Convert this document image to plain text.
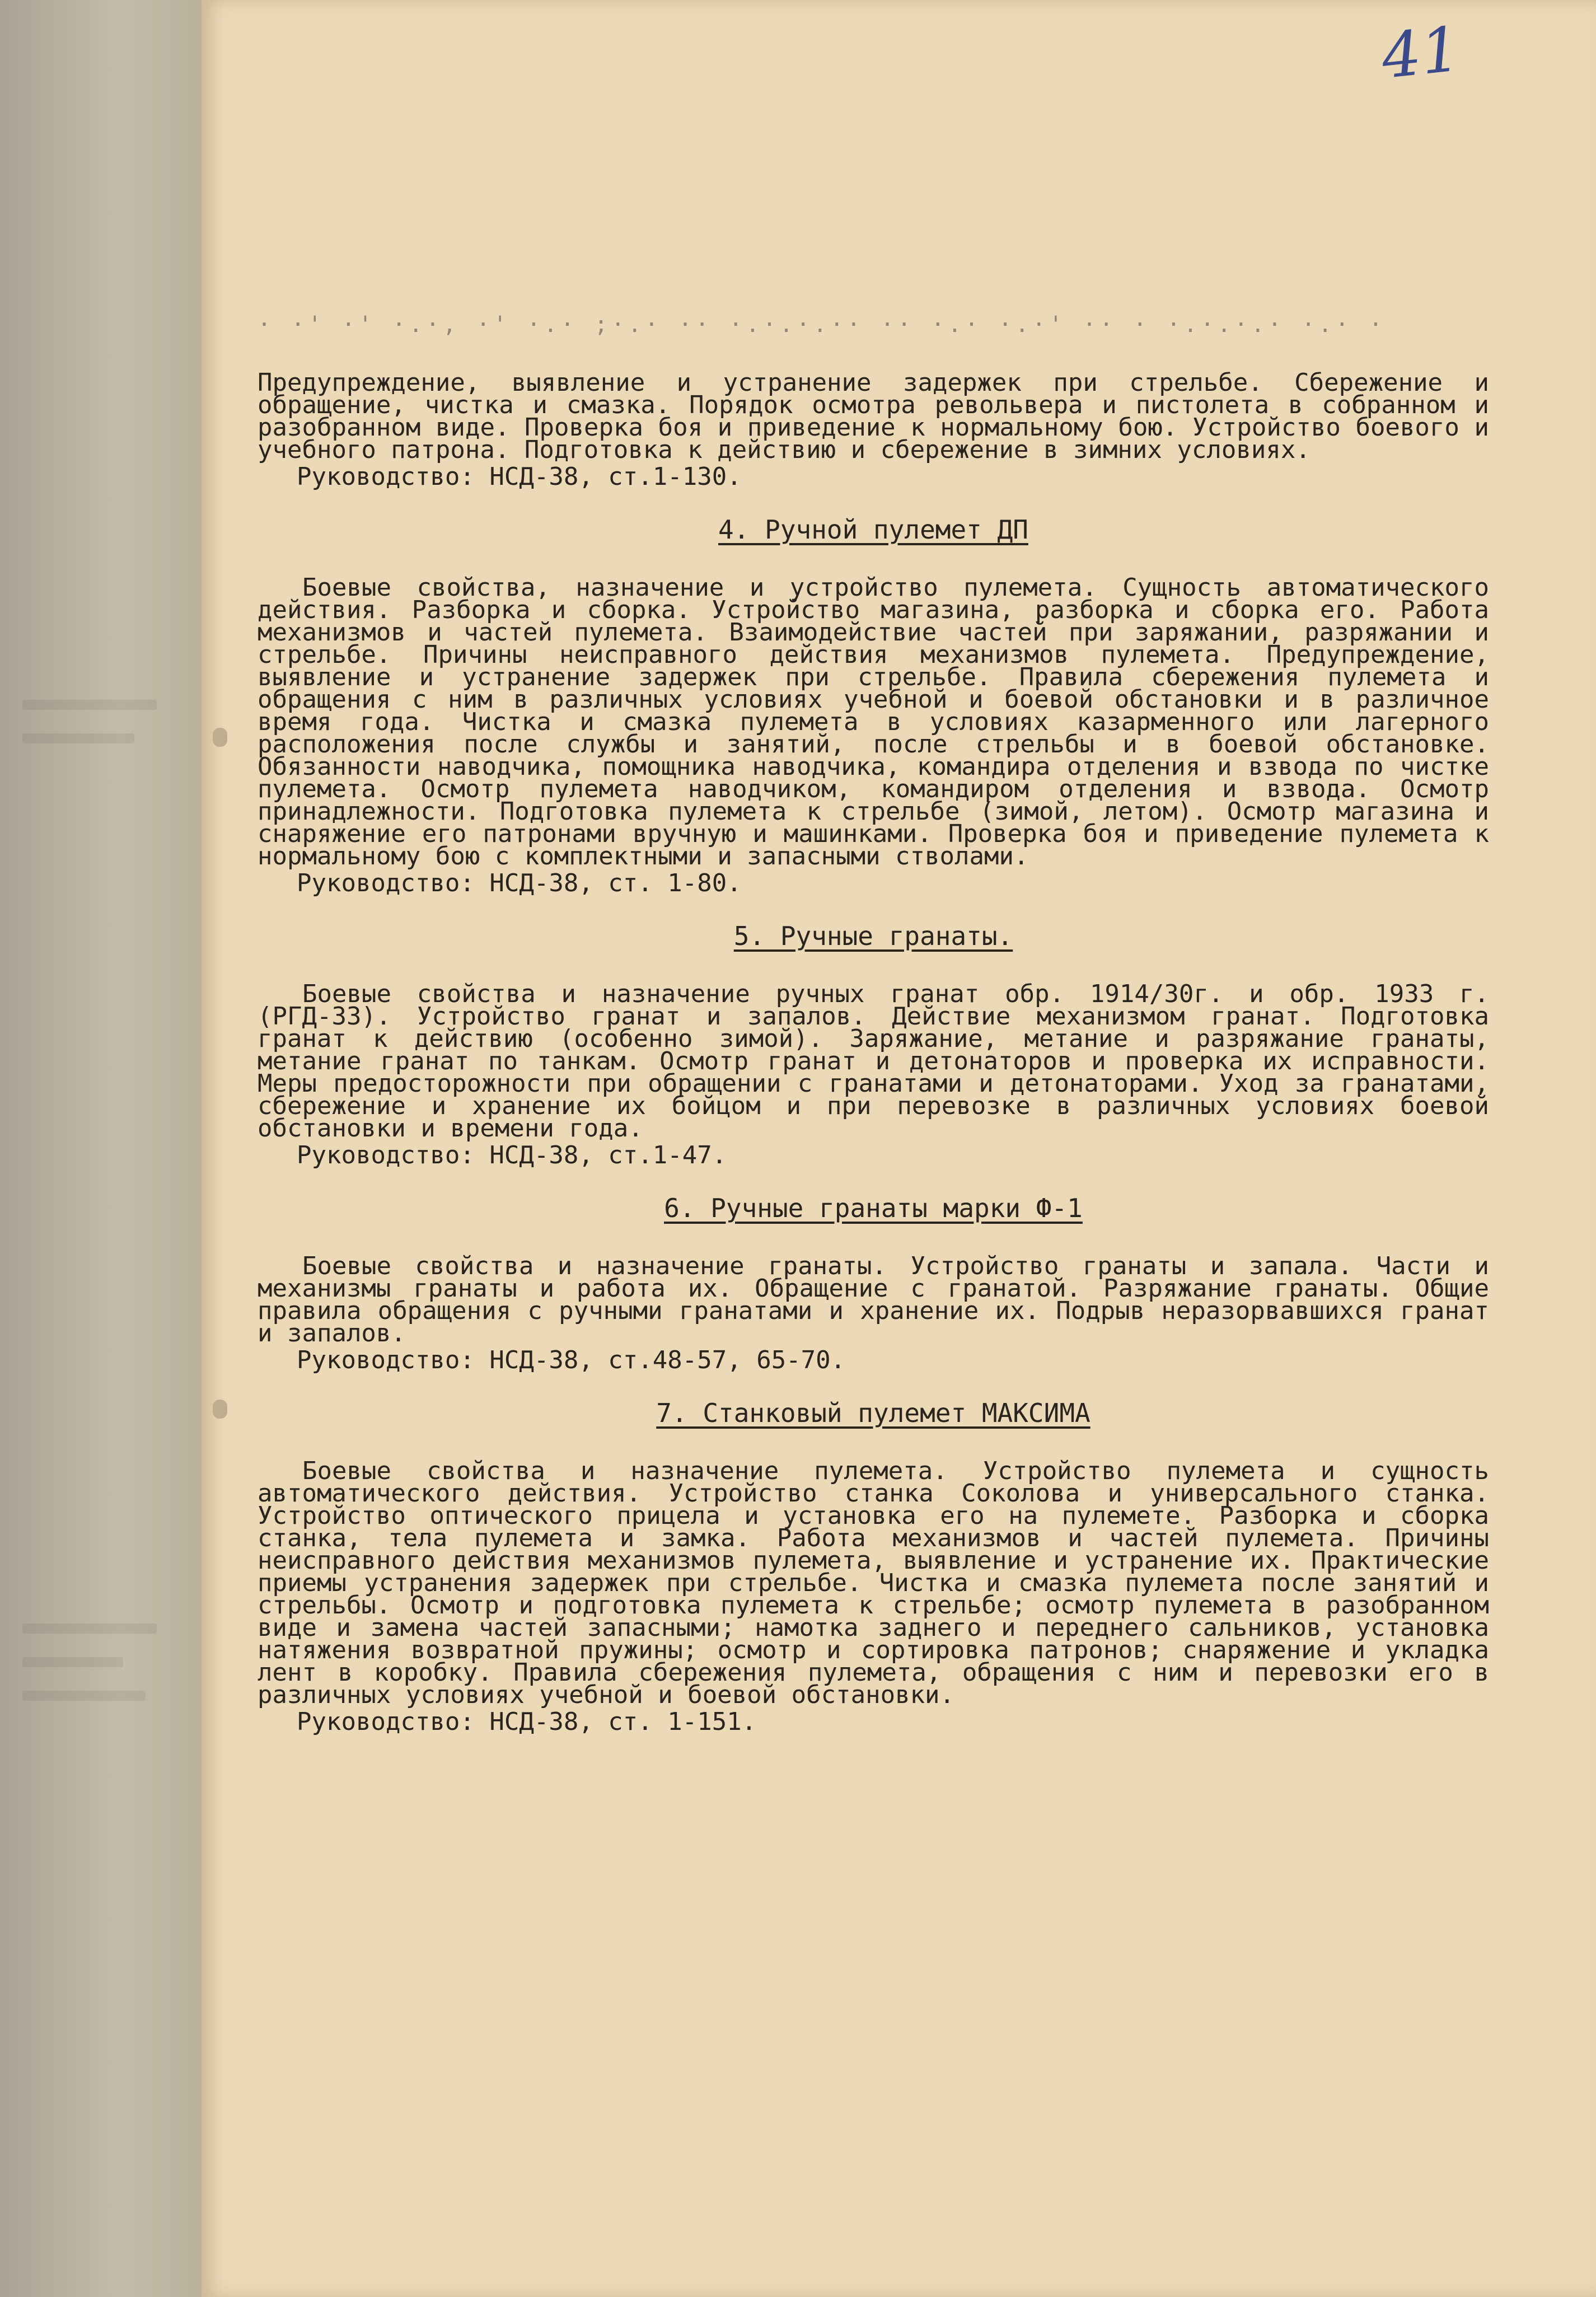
41
· ·' ·' ·.·, ·' ·.· ;·.· ·· ·.·.·.·· ·· ·.· ·.·' ·· · ·.·.·.· ·.· ·

Предупреждение, выявление и устранение задержек при стрельбе. Сбережение и обращение, чистка и смазка. Порядок осмотра револьвера и пистолета в собранном и разобранном виде. Проверка боя и приведение к нормальному бою. Устройство боевого и учебного патрона. Подготовка к действию и сбережение в зимних условиях.

Руководство: НСД-38, ст.1-130.
4. Ручной пулемет ДП

Боевые свойства, назначение и устройство пулемета. Сущность автоматического действия. Разборка и сборка. Устройство магазина, разборка и сборка его. Работа механизмов и частей пулемета. Взаимодействие частей при заряжании, разряжании и стрельбе. Причины неисправного действия механизмов пулемета. Предупреждение, выявление и устранение задержек при стрельбе. Правила сбережения пулемета и обращения с ним в различных условиях учебной и боевой обстановки и в различное время года. Чистка и смазка пулемета в условиях казарменного или лагерного расположения после службы и занятий, после стрельбы и в боевой обстановке. Обязанности наводчика, помощника наводчика, командира отделения и взвода по чистке пулемета. Осмотр пулемета наводчиком, командиром отделения и взвода. Осмотр принадлежности. Подготовка пулемета к стрельбе (зимой, летом). Осмотр магазина и снаряжение его патронами вручную и машинками. Проверка боя и приведение пулемета к нормальному бою с комплектными и запасными стволами.

Руководство: НСД-38, ст. 1-80.
5. Ручные гранаты.

Боевые свойства и назначение ручных гранат обр. 1914/30г. и обр. 1933 г. (РГД-33). Устройство гранат и запалов. Действие механизмом гранат. Подготовка гранат к действию (особенно зимой). Заряжание, метание и разряжание гранаты, метание гранат по танкам. Осмотр гранат и детонаторов и проверка их исправности. Меры предосторожности при обращении с гранатами и детонаторами. Уход за гранатами, сбережение и хранение их бойцом и при перевозке в различных условиях боевой обстановки и времени года.

Руководство: НСД-38, ст.1-47.
6. Ручные гранаты марки Ф-1

Боевые свойства и назначение гранаты. Устройство гранаты и запала. Части и механизмы гранаты и работа их. Обращение с гранатой. Разряжание гранаты. Общие правила обращения с ручными гранатами и хранение их. Подрыв неразорвавшихся гранат и запалов.

Руководство: НСД-38, ст.48-57, 65-70.
7. Станковый пулемет МАКСИМА

Боевые свойства и назначение пулемета. Устройство пулемета и сущность автоматического действия. Устройство станка Соколова и универсального станка. Устройство оптического прицела и установка его на пулемете. Разборка и сборка станка, тела пулемета и замка. Работа механизмов и частей пулемета. Причины неисправного действия механизмов пулемета, выявление и устранение их. Практические приемы устранения задержек при стрельбе. Чистка и смазка пулемета после занятий и стрельбы. Осмотр и подготовка пулемета к стрельбе; осмотр пулемета в разобранном виде и замена частей запасными; намотка заднего и переднего сальников, установка натяжения возвратной пружины; осмотр и сортировка патронов; снаряжение и укладка лент в коробку. Правила сбережения пулемета, обращения с ним и перевозки его в различных условиях учебной и боевой обстановки.

Руководство: НСД-38, ст. 1-151.
